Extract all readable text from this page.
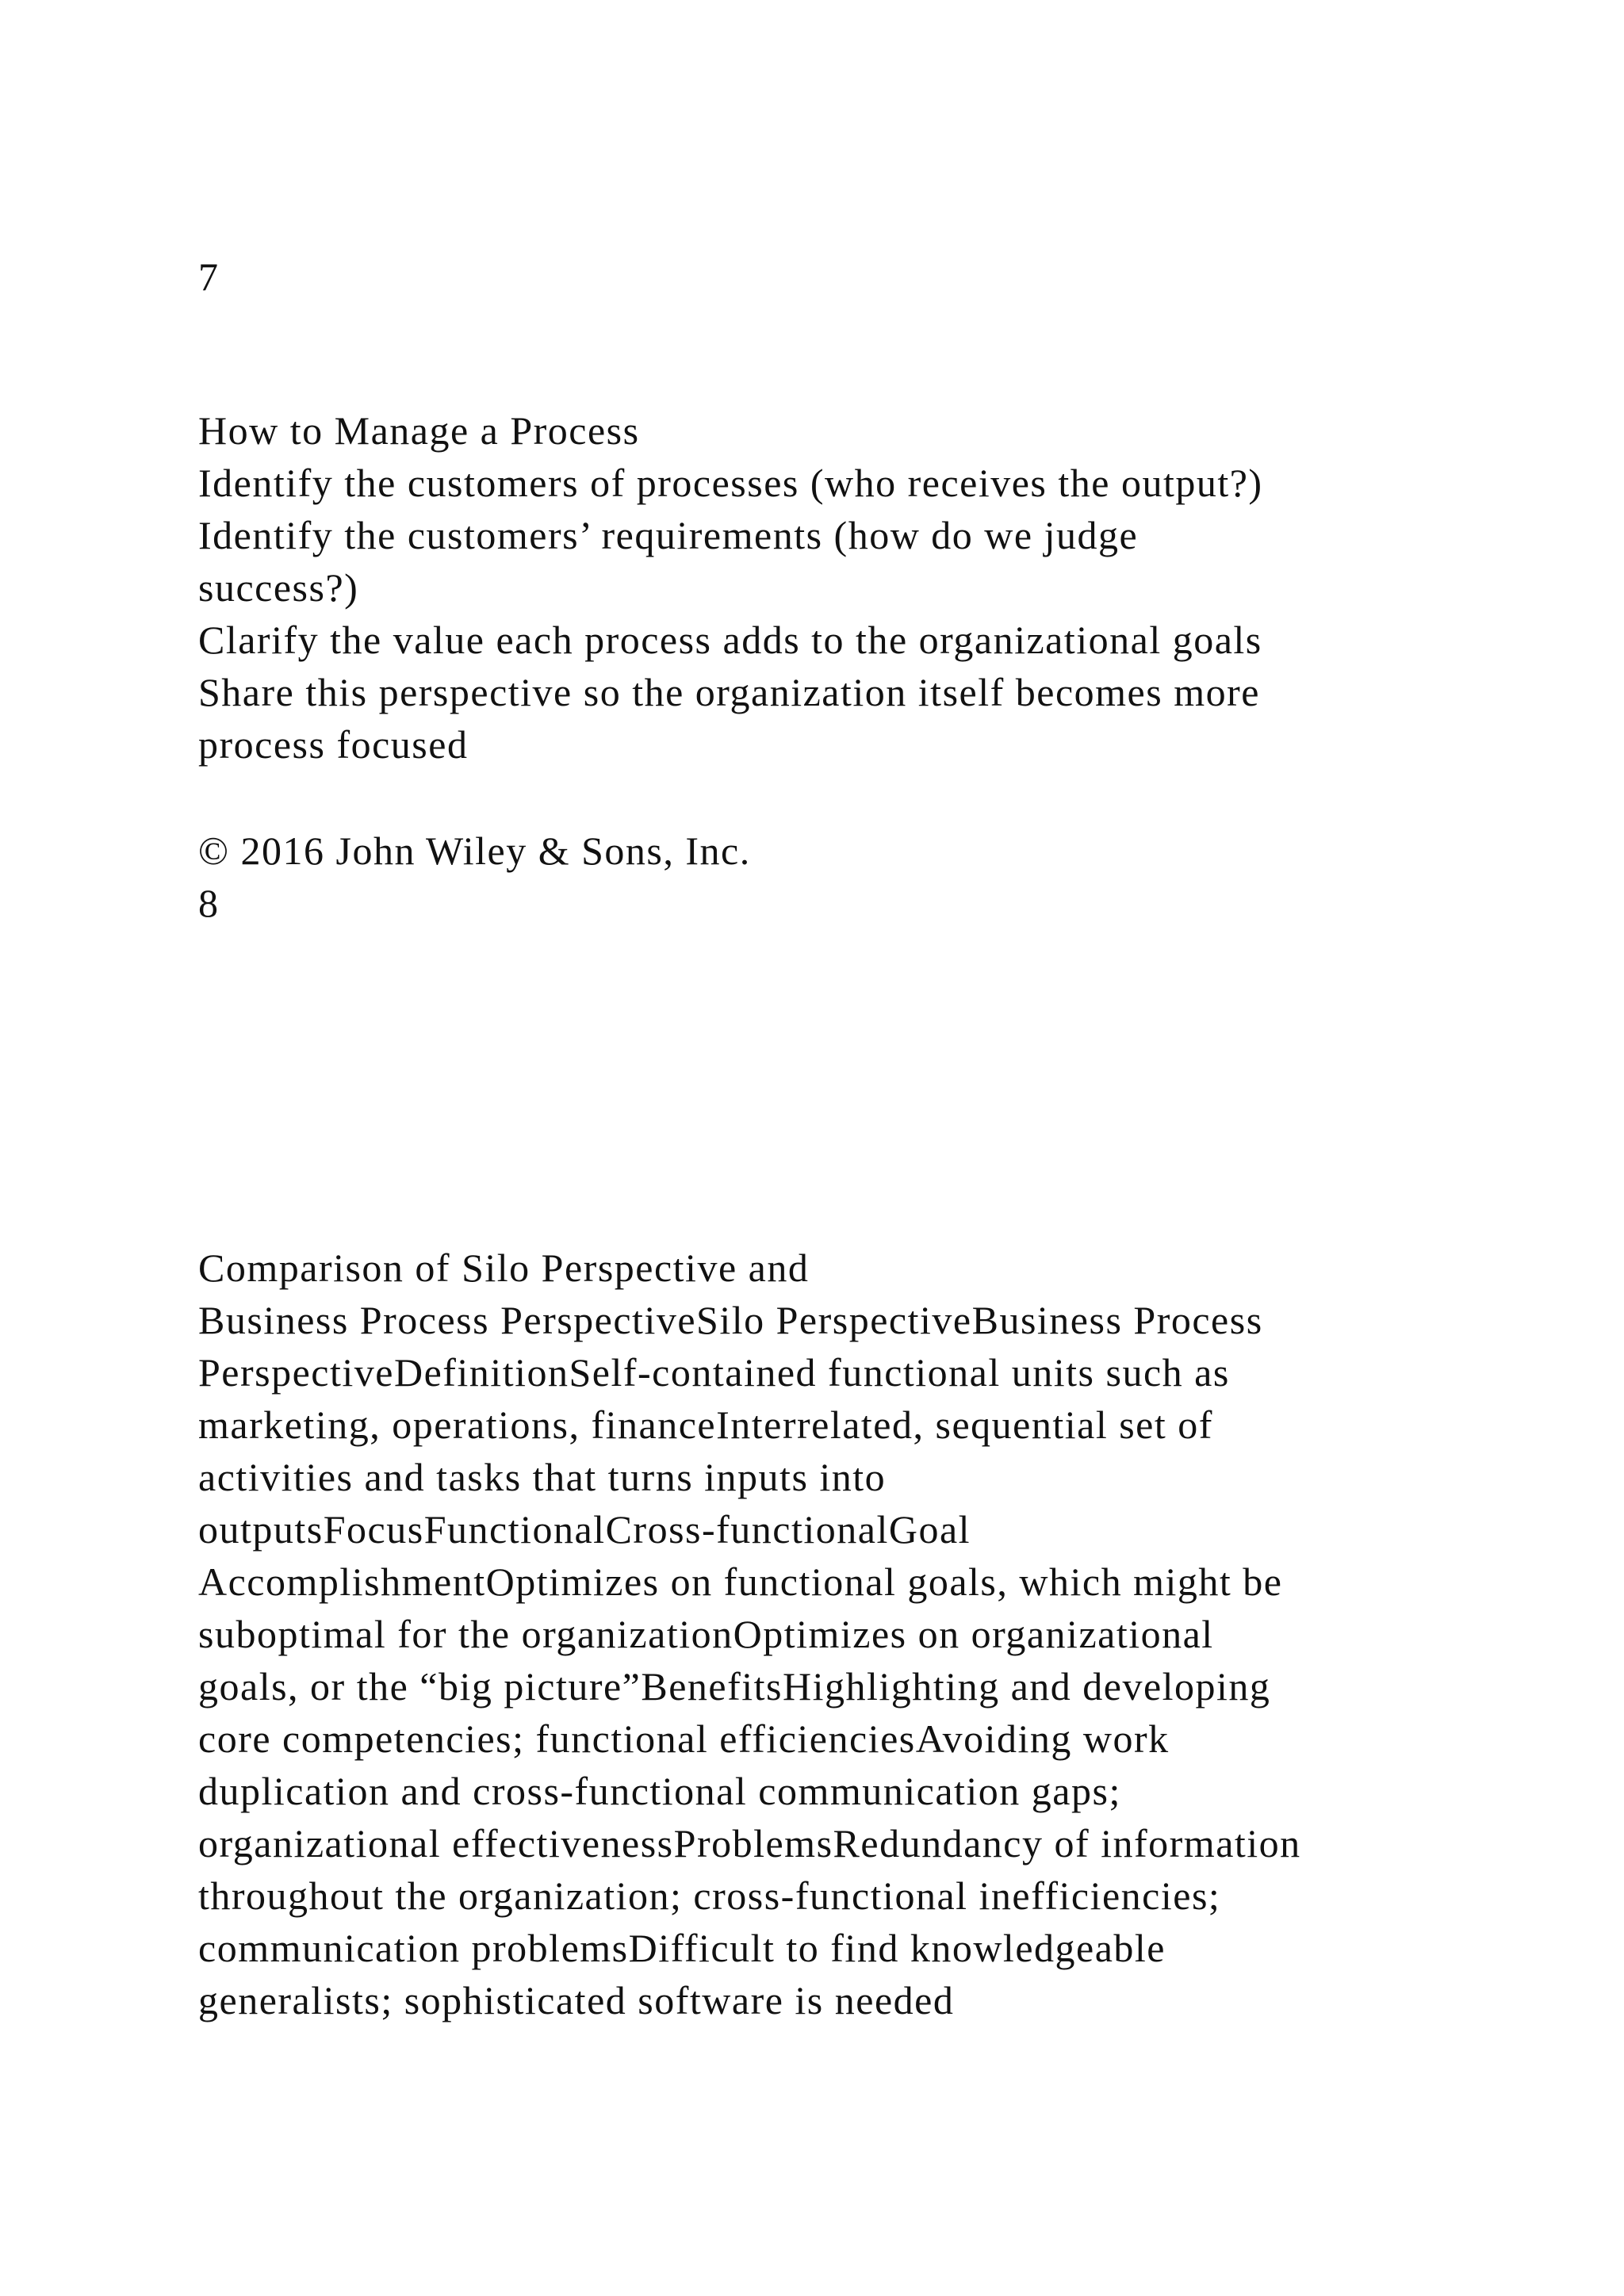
7
How to Manage a Process
Identify the customers of processes (who receives the output?)
Identify the customers’ requirements (how do we judge
success?)
Clarify the value each process adds to the organizational goals
Share this perspective so the organization itself becomes more
process focused
© 2016 John Wiley & Sons, Inc.
8
Comparison of Silo Perspective and
Business Process PerspectiveSilo PerspectiveBusiness Process
PerspectiveDefinitionSelf-contained functional units such as
marketing, operations, financeInterrelated, sequential set of
activities and tasks that turns inputs into
outputsFocusFunctionalCross-functionalGoal
AccomplishmentOptimizes on functional goals, which might be
suboptimal for the organizationOptimizes on organizational
goals, or the “big picture”BenefitsHighlighting and developing
core competencies; functional efficienciesAvoiding work
duplication and cross-functional communication gaps;
organizational effectivenessProblemsRedundancy of information
throughout the organization; cross-functional inefficiencies;
communication problemsDifficult to find knowledgeable
generalists; sophisticated software is needed
